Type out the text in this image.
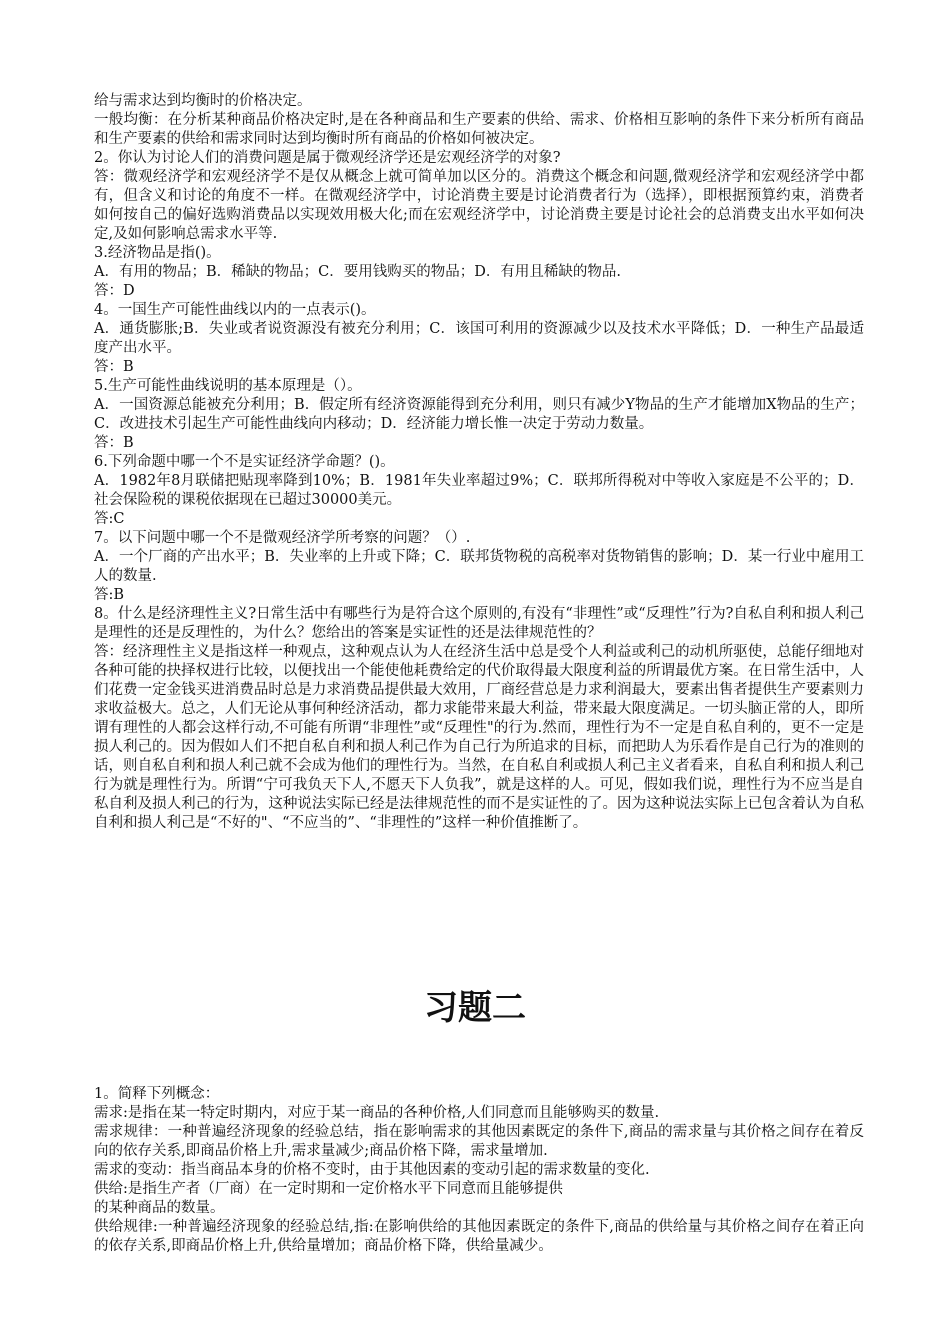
给与需求达到均衡时的价格决定。

一般均衡：在分析某种商品价格决定时,是在各种商品和生产要素的供给、需求、价格相互影响的条件下来分析所有商品和生产要素的供给和需求同时达到均衡时所有商品的价格如何被决定。

2。你认为讨论人们的消费问题是属于微观经济学还是宏观经济学的对象?

答：微观经济学和宏观经济学不是仅从概念上就可简单加以区分的。消费这个概念和问题,微观经济学和宏观经济学中都有，但含义和讨论的角度不一样。在微观经济学中，讨论消费主要是讨论消费者行为（选择），即根据预算约束，消费者如何按自己的偏好选购消费品以实现效用极大化;而在宏观经济学中，讨论消费主要是讨论社会的总消费支出水平如何决定,及如何影响总需求水平等.

3.经济物品是指()。

A．有用的物品；B．稀缺的物品；C．要用钱购买的物品；D．有用且稀缺的物品.

答：D

4。一国生产可能性曲线以内的一点表示()。

A．通货膨胀;B．失业或者说资源没有被充分利用；C．该国可利用的资源减少以及技术水平降低；D．一种生产品最适度产出水平。

答：B

5.生产可能性曲线说明的基本原理是（）。

A．一国资源总能被充分利用；B．假定所有经济资源能得到充分利用，则只有减少Y物品的生产才能增加X物品的生产；C．改进技术引起生产可能性曲线向内移动；D．经济能力增长惟一决定于劳动力数量。

答：B

6.下列命题中哪一个不是实证经济学命题？()。

A．1982年8月联储把贴现率降到10%；B．1981年失业率超过9%；C．联邦所得税对中等收入家庭是不公平的；D．社会保险税的课税依据现在已超过30000美元。

答:C

7。以下问题中哪一个不是微观经济学所考察的问题？（）.

A．一个厂商的产出水平；B．失业率的上升或下降；C．联邦货物税的高税率对货物销售的影响；D．某一行业中雇用工人的数量.

答:B

8。什么是经济理性主义?日常生活中有哪些行为是符合这个原则的,有没有“非理性”或“反理性”行为?自私自利和损人利己是理性的还是反理性的，为什么？您给出的答案是实证性的还是法律规范性的？

答：经济理性主义是指这样一种观点，这种观点认为人在经济生活中总是受个人利益或利己的动机所驱使，总能仔细地对各种可能的抉择权进行比较，以便找出一个能使他耗费给定的代价取得最大限度利益的所谓最优方案。在日常生活中，人们花费一定金钱买进消费品时总是力求消费品提供最大效用，厂商经营总是力求利润最大，要素出售者提供生产要素则力求收益极大。总之，人们无论从事何种经济活动，都力求能带来最大利益，带来最大限度满足。一切头脑正常的人，即所谓有理性的人都会这样行动,不可能有所谓“非理性”或“反理性"的行为.然而，理性行为不一定是自私自利的，更不一定是损人利己的。因为假如人们不把自私自利和损人利己作为自己行为所追求的目标，而把助人为乐看作是自己行为的准则的话，则自私自利和损人利己就不会成为他们的理性行为。当然，在自私自利或损人利己主义者看来，自私自利和损人利己行为就是理性行为。所谓“宁可我负天下人,不愿天下人负我”，就是这样的人。可见，假如我们说，理性行为不应当是自私自利及损人利己的行为，这种说法实际已经是法律规范性的而不是实证性的了。因为这种说法实际上已包含着认为自私自利和损人利己是“不好的"、“不应当的”、“非理性的”这样一种价值推断了。

习题二

1。简释下列概念：

需求:是指在某一特定时期内，对应于某一商品的各种价格,人们同意而且能够购买的数量.

需求规律：一种普遍经济现象的经验总结，指在影响需求的其他因素既定的条件下,商品的需求量与其价格之间存在着反向的依存关系,即商品价格上升,需求量减少;商品价格下降，需求量增加.

需求的变动：指当商品本身的价格不变时，由于其他因素的变动引起的需求数量的变化.

供给:是指生产者（厂商）在一定时期和一定价格水平下同意而且能够提供

的某种商品的数量。

供给规律:一种普遍经济现象的经验总结,指:在影响供给的其他因素既定的条件下,商品的供给量与其价格之间存在着正向的依存关系,即商品价格上升,供给量增加；商品价格下降，供给量减少。
